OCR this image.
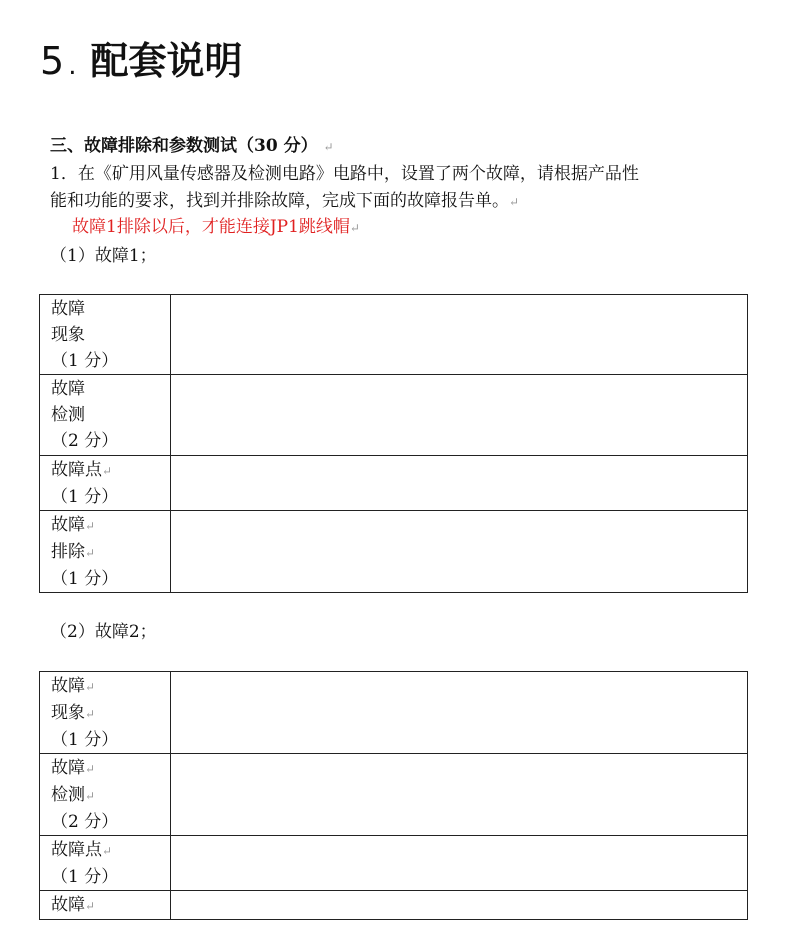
5 . 配套说明
三、故障排除和参数测试（30 分） ↵
1．在《矿用风量传感器及检测电路》电路中，设置了两个故障，请根据产品性
能和功能的要求，找到并排除故障，完成下面的故障报告单。↵
故障1排除以后，才能连接JP1跳线帽↵
（1）故障1；
故障
现象
（1 分）	

故障
检测
（2 分）	

故障点↵
（1 分）	

故障↵
排除↵
（1 分）	

（2）故障2；
故障↵
现象↵
（1 分）	

故障↵
检测↵
（2 分）	

故障点↵
（1 分）	

故障↵	
